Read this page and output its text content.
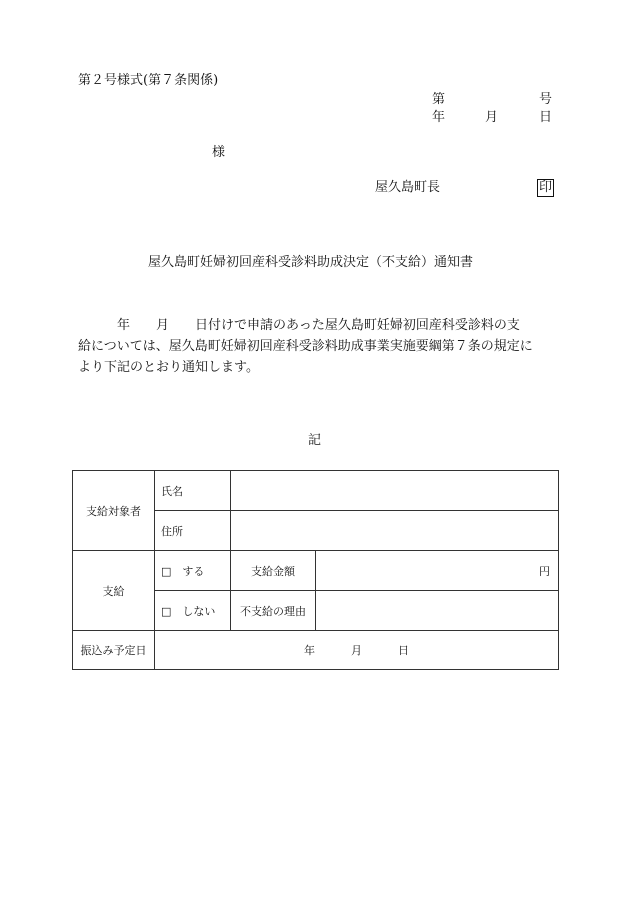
第２号様式(第７条関係)
第	号
年	月	日
様
屋久島町長	印
屋久島町妊婦初回産科受診料助成決定（不支給）通知書
　　　年　　月　　日付けで申請のあった屋久島町妊婦初回産科受診料の支
給については、屋久島町妊婦初回産科受診料助成事業実施要綱第７条の規定に
より下記のとおり通知します。
記
支給対象者	氏名		
	住所		
支給	□　する	支給金額	円
	□　しない	不支給の理由	
振込み予定日	年 月 日		
